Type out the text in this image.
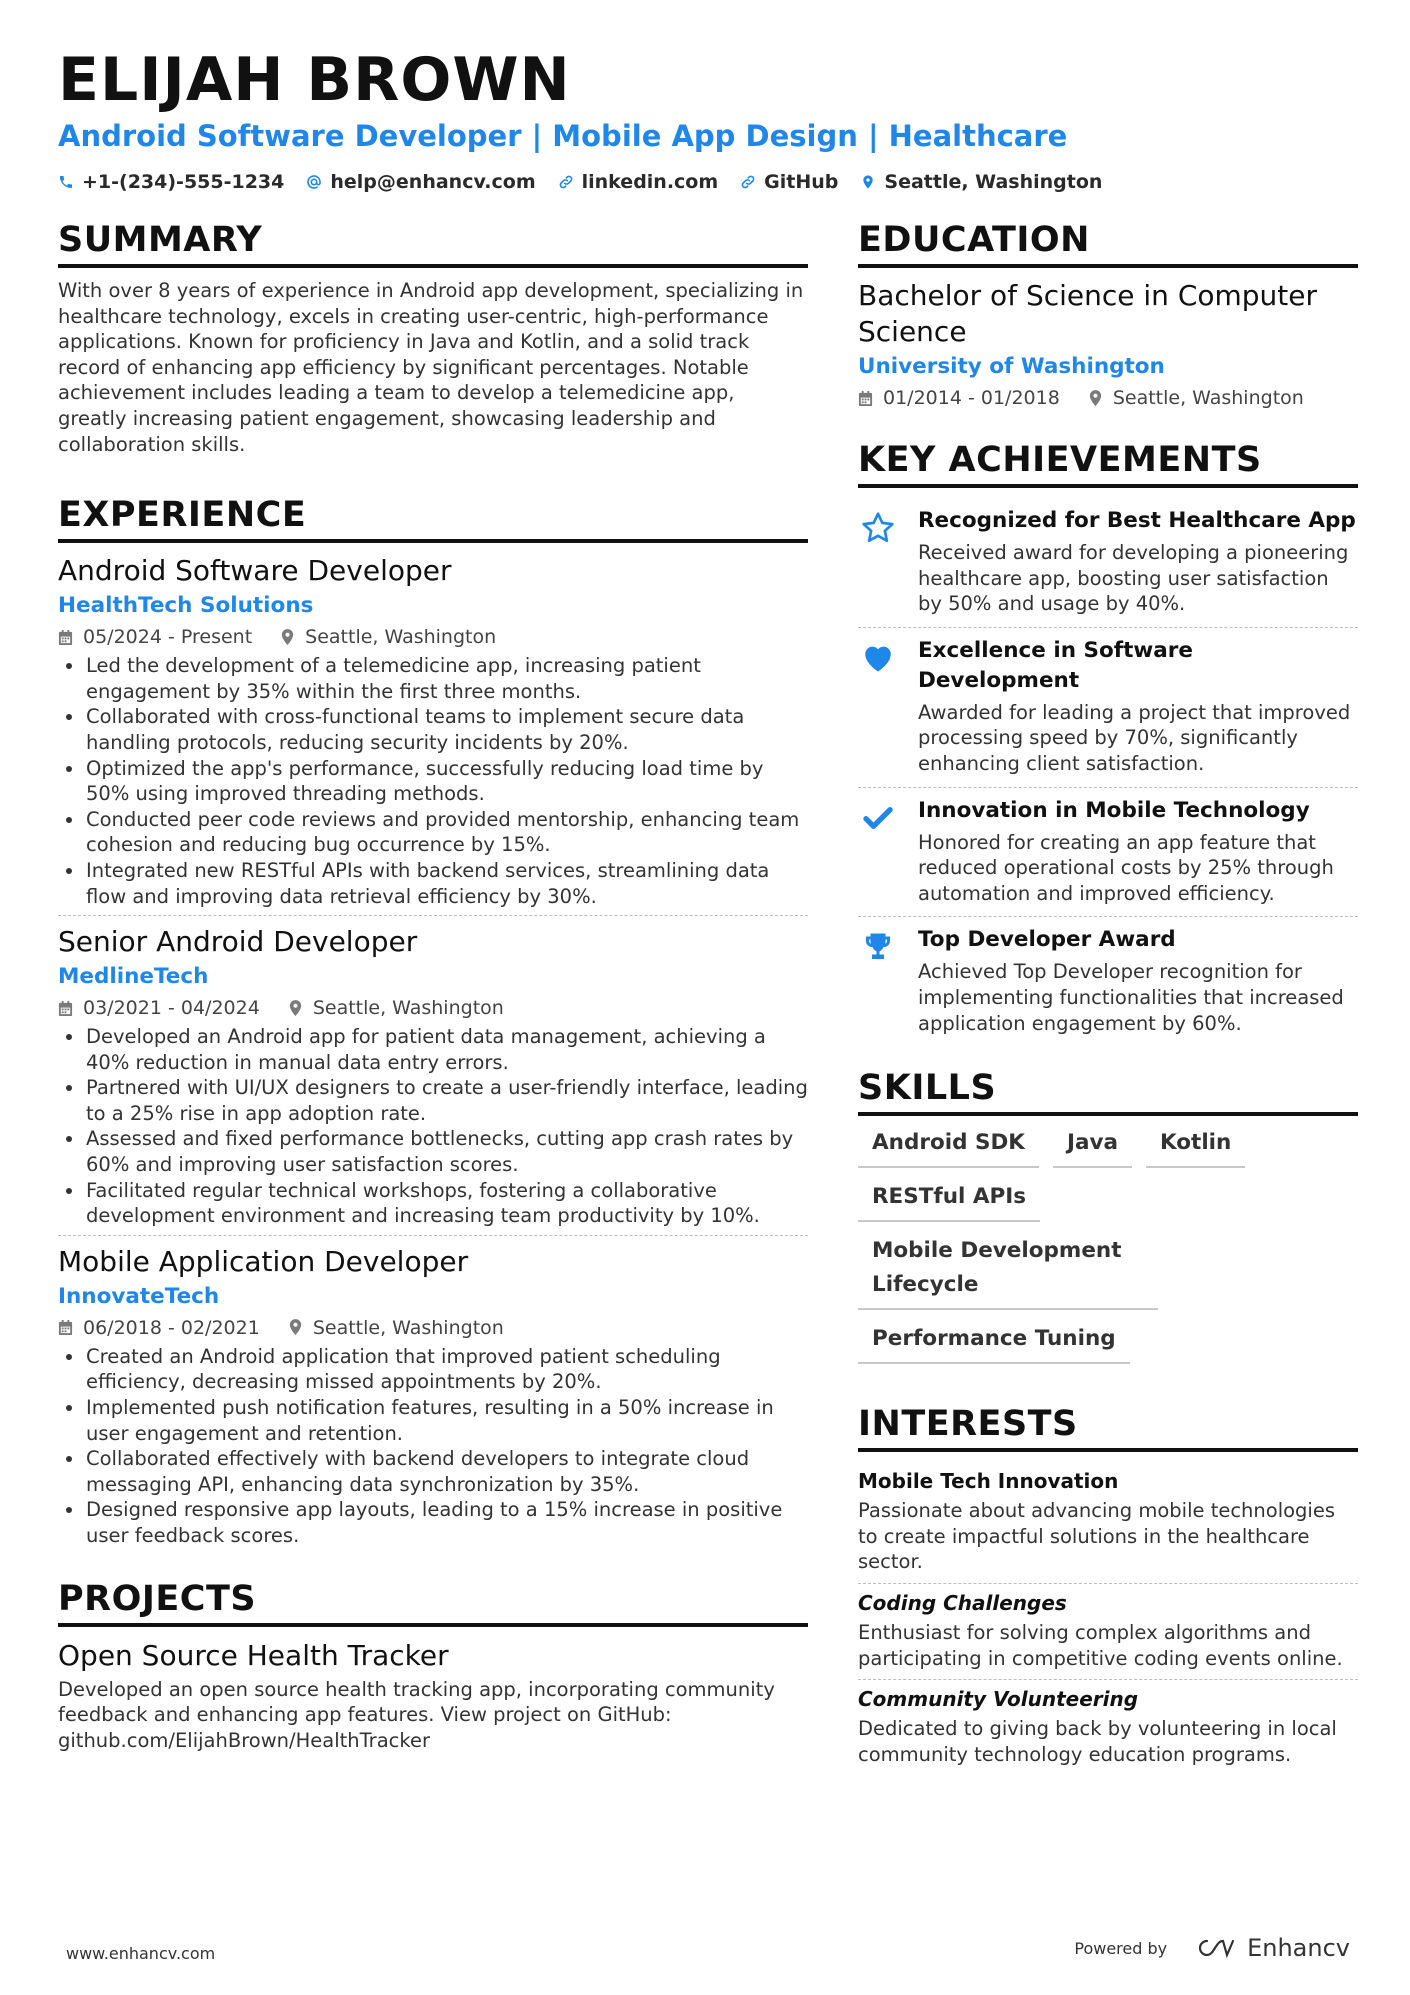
ELIJAH BROWN
Android Software Developer | Mobile App Design | Healthcare
+1-(234)-555-1234 help@enhancv.com linkedin.com GitHub Seattle, Washington
SUMMARY
With over 8 years of experience in Android app development, specializing in healthcare technology, excels in creating user-centric, high-performance applications. Known for proficiency in Java and Kotlin, and a solid track record of enhancing app efficiency by significant percentages. Notable achievement includes leading a team to develop a telemedicine app, greatly increasing patient engagement, showcasing leadership and collaboration skills.
EXPERIENCE
Android Software Developer
HealthTech Solutions
05/2024 - Present	Seattle, Washington
Led the development of a telemedicine app, increasing patient engagement by 35% within the first three months.
Collaborated with cross-functional teams to implement secure data handling protocols, reducing security incidents by 20%.
Optimized the app's performance, successfully reducing load time by 50% using improved threading methods.
Conducted peer code reviews and provided mentorship, enhancing team cohesion and reducing bug occurrence by 15%.
Integrated new RESTful APIs with backend services, streamlining data flow and improving data retrieval efficiency by 30%.
Senior Android Developer
MedlineTech
03/2021 - 04/2024	Seattle, Washington
Developed an Android app for patient data management, achieving a 40% reduction in manual data entry errors.
Partnered with UI/UX designers to create a user-friendly interface, leading to a 25% rise in app adoption rate.
Assessed and fixed performance bottlenecks, cutting app crash rates by 60% and improving user satisfaction scores.
Facilitated regular technical workshops, fostering a collaborative development environment and increasing team productivity by 10%.
Mobile Application Developer
InnovateTech
06/2018 - 02/2021	Seattle, Washington
Created an Android application that improved patient scheduling efficiency, decreasing missed appointments by 20%.
Implemented push notification features, resulting in a 50% increase in user engagement and retention.
Collaborated effectively with backend developers to integrate cloud messaging API, enhancing data synchronization by 35%.
Designed responsive app layouts, leading to a 15% increase in positive user feedback scores.
PROJECTS
Open Source Health Tracker
Developed an open source health tracking app, incorporating community feedback and enhancing app features. View project on GitHub: github.com/ElijahBrown/HealthTracker
EDUCATION
Bachelor of Science in Computer Science
University of Washington
01/2014 - 01/2018	Seattle, Washington
KEY ACHIEVEMENTS
Recognized for Best Healthcare App
Received award for developing a pioneering healthcare app, boosting user satisfaction by 50% and usage by 40%.
Excellence in Software Development
Awarded for leading a project that improved processing speed by 70%, significantly enhancing client satisfaction.
Innovation in Mobile Technology
Honored for creating an app feature that reduced operational costs by 25% through automation and improved efficiency.
Top Developer Award
Achieved Top Developer recognition for implementing functionalities that increased application engagement by 60%.
SKILLS
Android SDK	Java	Kotlin
RESTful APIs
Mobile Development Lifecycle
Performance Tuning
INTERESTS
Mobile Tech Innovation
Passionate about advancing mobile technologies to create impactful solutions in the healthcare sector.
Coding Challenges
Enthusiast for solving complex algorithms and participating in competitive coding events online.
Community Volunteering
Dedicated to giving back by volunteering in local community technology education programs.
www.enhancv.com	Powered by	Enhancv
